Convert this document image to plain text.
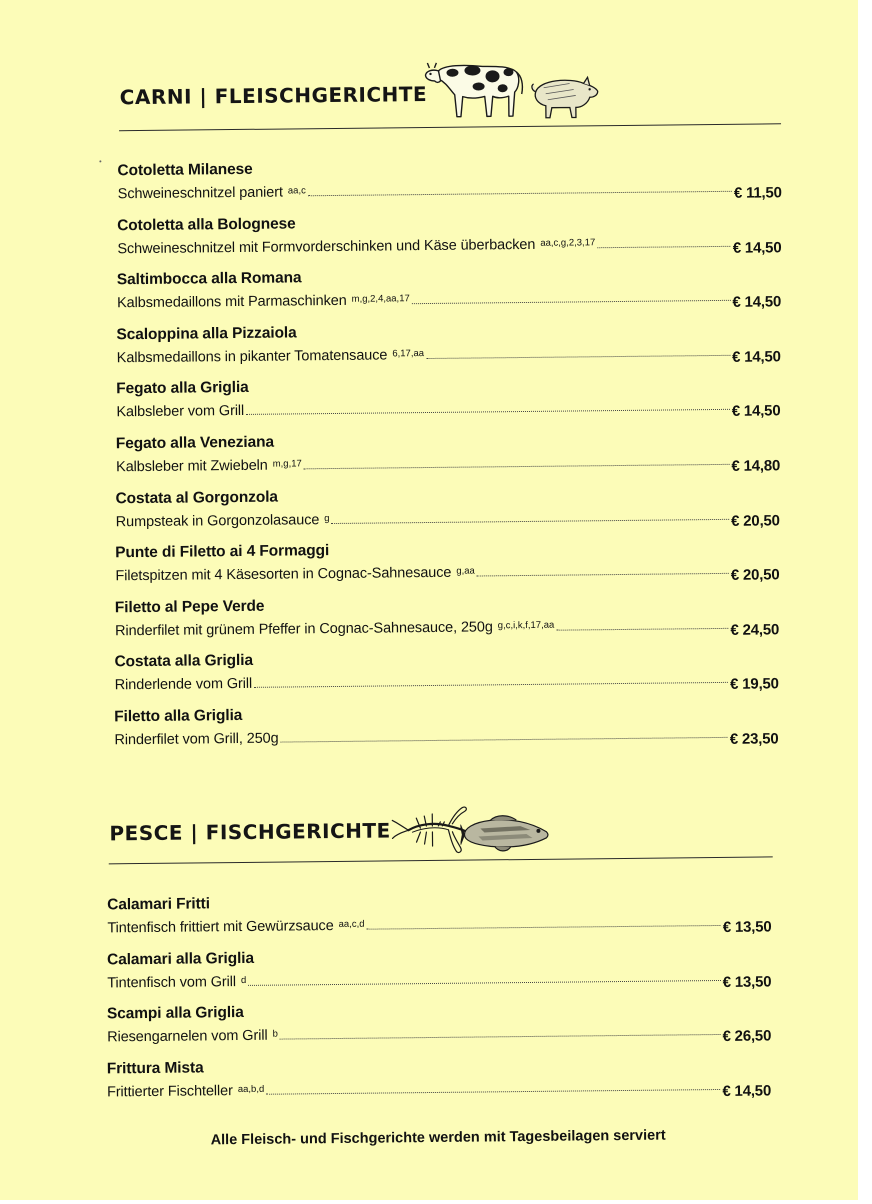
CARNI | FLEISCHGERICHTE
Cotoletta Milanese
Schweineschnitzel paniert aa,c	€ 11,50
Cotoletta alla Bolognese
Schweineschnitzel mit Formvorderschinken und Käse überbacken aa,c,g,2,3,17	€ 14,50
Saltimbocca alla Romana
Kalbsmedaillons mit Parmaschinken m,g,2,4,aa,17	€ 14,50
Scaloppina alla Pizzaiola
Kalbsmedaillons in pikanter Tomatensauce 6,17,aa	€ 14,50
Fegato alla Griglia
Kalbsleber vom Grill	€ 14,50
Fegato alla Veneziana
Kalbsleber mit Zwiebeln m,g,17	€ 14,80
Costata al Gorgonzola
Rumpsteak in Gorgonzolasauce g	€ 20,50
Punte di Filetto ai 4 Formaggi
Filetspitzen mit 4 Käsesorten in Cognac-Sahnesauce g,aa	€ 20,50
Filetto al Pepe Verde
Rinderfilet mit grünem Pfeffer in Cognac-Sahnesauce, 250g g,c,i,k,f,17,aa	€ 24,50
Costata alla Griglia
Rinderlende vom Grill	€ 19,50
Filetto alla Griglia
Rinderfilet vom Grill, 250g	€ 23,50
PESCE | FISCHGERICHTE
Calamari Fritti
Tintenfisch frittiert mit Gewürzsauce aa,c,d	€ 13,50
Calamari alla Griglia
Tintenfisch vom Grill d	€ 13,50
Scampi alla Griglia
Riesengarnelen vom Grill b	€ 26,50
Frittura Mista
Frittierter Fischteller aa,b,d	€ 14,50
Alle Fleisch- und Fischgerichte werden mit Tagesbeilagen serviert
